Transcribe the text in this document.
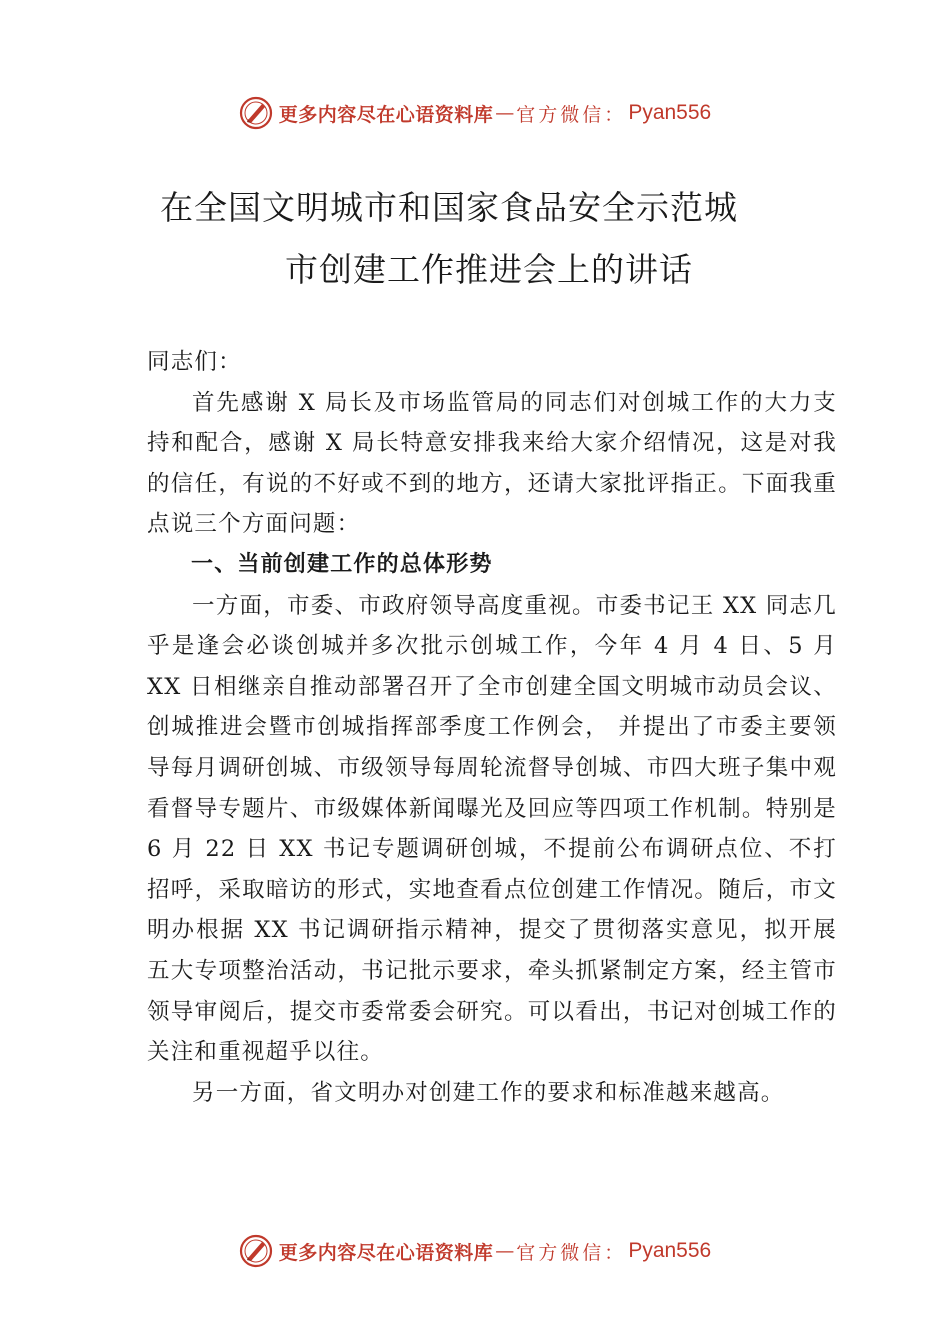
更多内容尽在心语资料库 — 官方微信： Pyan556
在全国文明城市和国家食品安全示范城
市创建工作推进会上的讲话

同志们：

首先感谢 X 局长及市场监管局的同志们对创城工作的大力支持和配合，感谢 X 局长特意安排我来给大家介绍情况，这是对我的信任，有说的不好或不到的地方，还请大家批评指正。下面我重点说三个方面问题：

一、当前创建工作的总体形势

一方面，市委、市政府领导高度重视。市委书记王 XX 同志几乎是逢会必谈创城并多次批示创城工作，今年 4 月 4 日、5 月 XX 日相继亲自推动部署召开了全市创建全国文明城市动员会议、创城推进会暨市创城指挥部季度工作例会， 并提出了市委主要领导每月调研创城、市级领导每周轮流督导创城、市四大班子集中观看督导专题片、市级媒体新闻曝光及回应等四项工作机制。特别是 6 月 22 日 XX 书记专题调研创城，不提前公布调研点位、不打招呼，采取暗访的形式，实地查看点位创建工作情况。随后，市文明办根据 XX 书记调研指示精神，提交了贯彻落实意见，拟开展五大专项整治活动，书记批示要求，牵头抓紧制定方案，经主管市领导审阅后，提交市委常委会研究。可以看出，书记对创城工作的关注和重视超乎以往。

另一方面，省文明办对创建工作的要求和标准越来越高。

更多内容尽在心语资料库 — 官方微信： Pyan556
